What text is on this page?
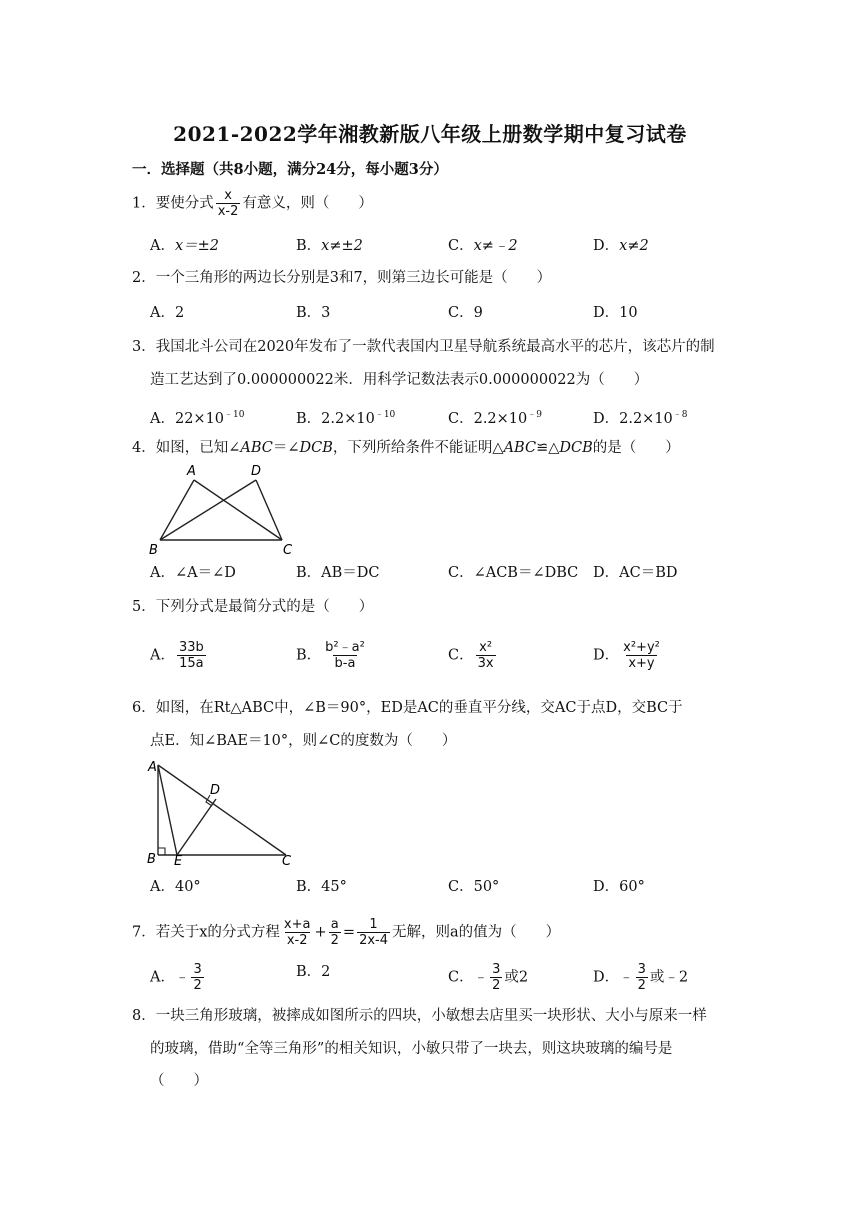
2021-2022学年湘教新版八年级上册数学期中复习试卷
一．选择题（共8小题，满分24分，每小题3分）
1．要使分式 $\frac{x}{x-2}$ 有意义，则（　　）
A．x＝±2	B．x≠±2	C．x≠﹣2	D．x≠2
2．一个三角形的两边长分别是3和7，则第三边长可能是（　　）
A．2	B．3	C．9	D．10
3．我国北斗公司在2020年发布了一款代表国内卫星导航系统最高水平的芯片，该芯片的制
造工艺达到了0.000000022米．用科学记数法表示0.000000022为（　　）
A．$22\times 10^{﹣10}$	B．$2.2\times 10^{﹣10}$	C．$2.2\times 10^{﹣9}$	D．$2.2\times 10^{﹣8}$
4．如图，已知∠ABC＝∠DCB，下列所给条件不能证明△ABC≌△DCB的是（　　）
A	D
B	C
A．∠A＝∠D	B．AB＝DC	C．∠ACB＝∠DBC D．AC＝BD
5．下列分式是最简分式的是（　　）
A． $\frac{33b}{15a}$	B． $\frac{\text{b²﹣a²}}{b-a}$	C． $\frac{\text{x²}}{3x}$	D． $\frac{\text{x²+y²}}{x+y}$
6．如图，在Rt△ABC中，∠B＝90°，ED是AC的垂直平分线，交AC于点D，交BC于
点E．知∠BAE＝10°，则∠C的度数为（　　）
A
D
B E	C
A．40°	B．45°	C．50°	D．60°
7．若关于x的分式方程 $\frac{x+a}{x-2} + \frac{a}{2} = \frac{1}{2x-4}$ 无解，则a的值为（　　）
A．﹣ $\frac{3}{2}$	B．2	C．﹣ $\frac{3}{2}$ 或2	D．﹣ $\frac{3}{2}$ 或﹣2
8．一块三角形玻璃，被摔成如图所示的四块，小敏想去店里买一块形状、大小与原来一样
的玻璃，借助“全等三角形”的相关知识，小敏只带了一块去，则这块玻璃的编号是
（　　）
